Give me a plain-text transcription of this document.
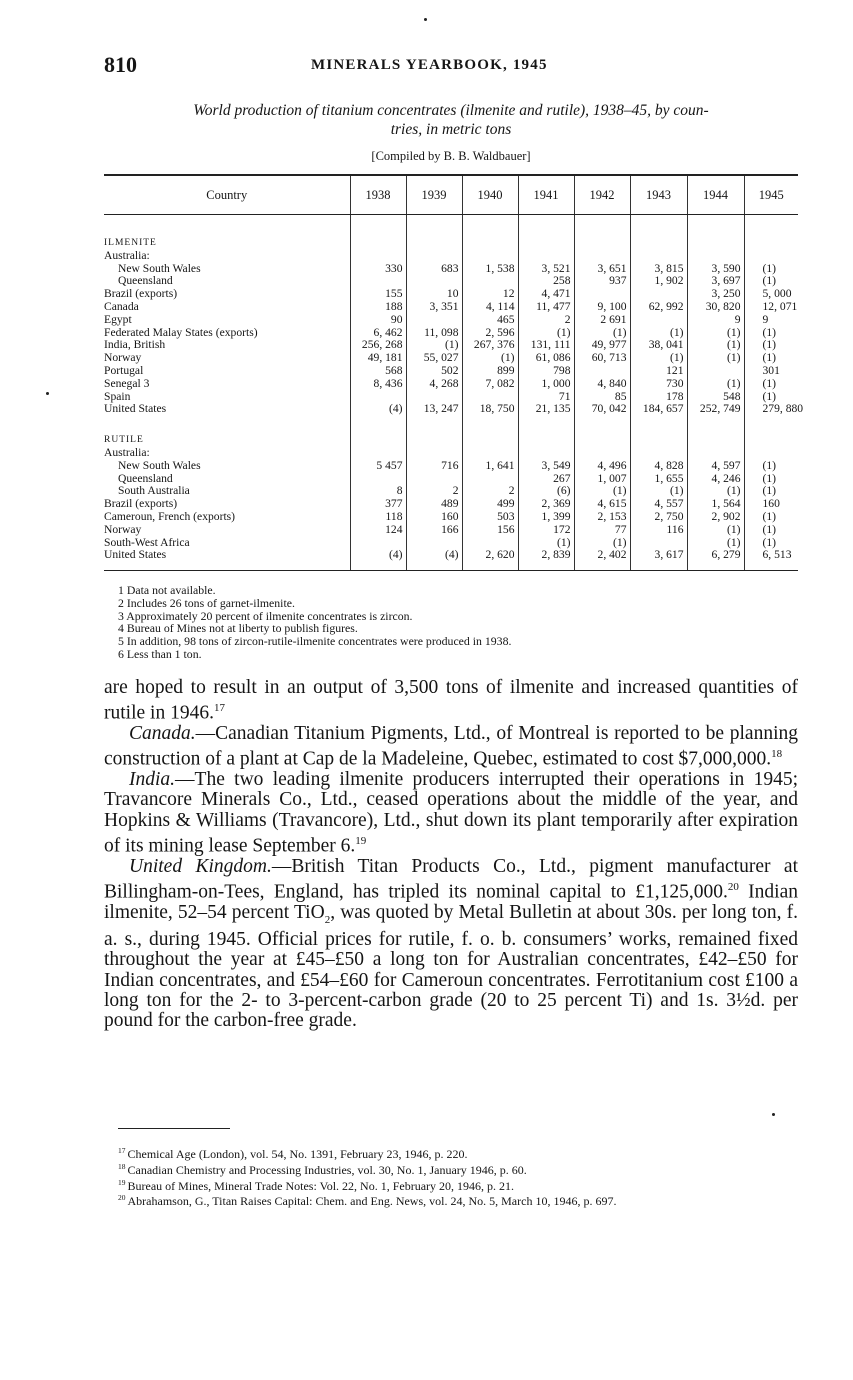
810	MINERALS YEARBOOK, 1945
World production of titanium concentrates (ilmenite and rutile), 1938–45, by coun-
tries, in metric tons
[Compiled by B. B. Waldbauer]
Country	1938	1939	1940	1941	1942	1943	1944	1945
ILMENITE								
Australia:								
New South Wales	330	683	1, 538	3, 521	3, 651	3, 815	3, 590	(1)
Queensland				258	937	1, 902	3, 697	(1)
Brazil (exports)	155	10	12	4, 471			3, 250	5, 000
Canada	188	3, 351	4, 114	11, 477	9, 100	62, 992	30, 820	12, 071
Egypt	90		465	2	2 691		9	9
Federated Malay States (exports)	6, 462	11, 098	2, 596	(1)	(1)	(1)	(1)	(1)
India, British	256, 268	(1)	267, 376	131, 111	49, 977	38, 041	(1)	(1)
Norway	49, 181	55, 027	(1)	61, 086	60, 713	(1)	(1)	(1)
Portugal	568	502	899	798		121		301
Senegal 3	8, 436	4, 268	7, 082	1, 000	4, 840	730	(1)	(1)
Spain				71	85	178	548	(1)
United States	(4)	13, 247	18, 750	21, 135	70, 042	184, 657	252, 749	279, 880
RUTILE								
Australia:								
New South Wales	5 457	716	1, 641	3, 549	4, 496	4, 828	4, 597	(1)
Queensland				267	1, 007	1, 655	4, 246	(1)
South Australia	8	2	2	(6)	(1)	(1)	(1)	(1)
Brazil (exports)	377	489	499	2, 369	4, 615	4, 557	1, 564	160
Cameroun, French (exports)	118	160	503	1, 399	2, 153	2, 750	2, 902	(1)
Norway	124	166	156	172	77	116	(1)	(1)
South-West Africa				(1)	(1)		(1)	(1)
United States	(4)	(4)	2, 620	2, 839	2, 402	3, 617	6, 279	6, 513
1 Data not available.
2 Includes 26 tons of garnet-ilmenite.
3 Approximately 20 percent of ilmenite concentrates is zircon.
4 Bureau of Mines not at liberty to publish figures.
5 In addition, 98 tons of zircon-rutile-ilmenite concentrates were produced in 1938.
6 Less than 1 ton.

are hoped to result in an output of 3,500 tons of ilmenite and increased quantities of rutile in 1946.17

Canada.—Canadian Titanium Pigments, Ltd., of Montreal is reported to be planning construction of a plant at Cap de la Madeleine, Quebec, estimated to cost $7,000,000.18

India.—The two leading ilmenite producers interrupted their operations in 1945; Travancore Minerals Co., Ltd., ceased operations about the middle of the year, and Hopkins & Williams (Travancore), Ltd., shut down its plant temporarily after expiration of its mining lease September 6.19

United Kingdom.—British Titan Products Co., Ltd., pigment manufacturer at Billingham-on-Tees, England, has tripled its nominal capital to £1,125,000.20 Indian ilmenite, 52–54 percent TiO$_2$, was quoted by Metal Bulletin at about 30s. per long ton, f. a. s., during 1945. Official prices for rutile, f. o. b. consumers’ works, remained fixed throughout the year at £45–£50 a long ton for Australian concentrates, £42–£50 for Indian concentrates, and £54–£60 for Cameroun concentrates. Ferrotitanium cost £100 a long ton for the 2- to 3-percent-carbon grade (20 to 25 percent Ti) and 1s. 3½d. per pound for the carbon-free grade.

$^{17}$ Chemical Age (London), vol. 54, No. 1391, February 23, 1946, p. 220.
$^{18}$ Canadian Chemistry and Processing Industries, vol. 30, No. 1, January 1946, p. 60.
$^{19}$ Bureau of Mines, Mineral Trade Notes: Vol. 22, No. 1, February 20, 1946, p. 21.
$^{20}$ Abrahamson, G., Titan Raises Capital: Chem. and Eng. News, vol. 24, No. 5, March 10, 1946, p. 697.
